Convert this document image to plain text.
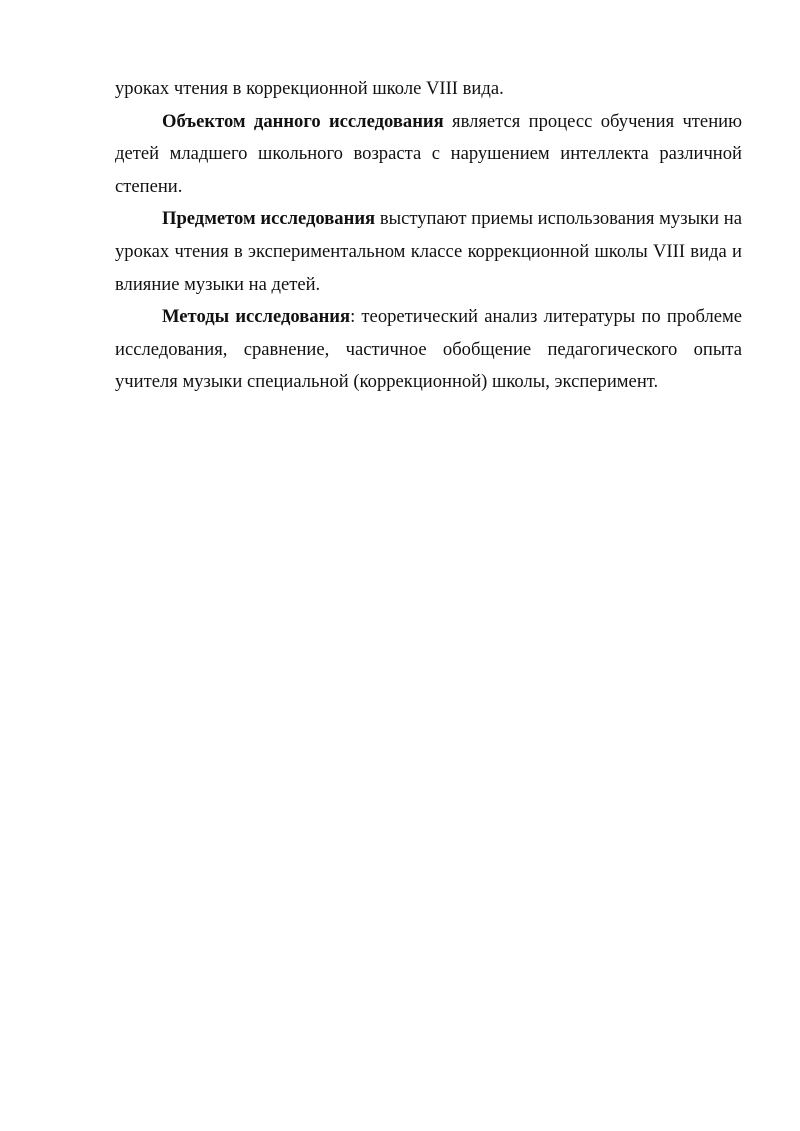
уроках чтения в коррекционной школе VIII вида.

Объектом данного исследования является процесс обучения чтению детей младшего школьного возраста с нарушением интеллекта различной степени.

Предметом исследования выступают приемы использования музыки на уроках чтения в экспериментальном классе коррекционной школы VIII вида и влияние музыки на детей.

Методы исследования: теоретический анализ литературы по проблеме исследования, сравнение, частичное обобщение педагогического опыта учителя музыки специальной (коррекционной) школы, эксперимент.
